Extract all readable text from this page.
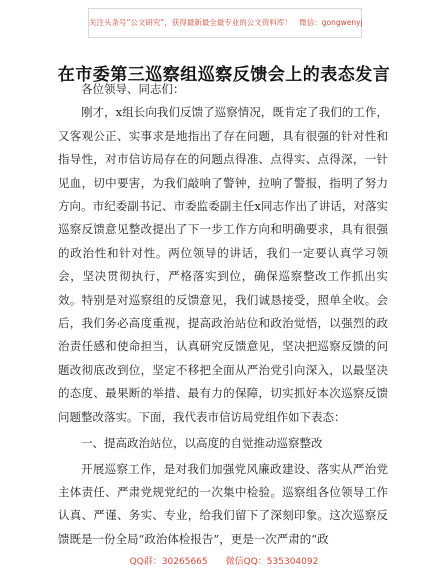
关注头条号“公文研究”，获得最新最全最专业的公文资料库！　微信：gongwenyj
在市委第三巡察组巡察反馈会上的表态发言

各位领导、同志们：

刚才，x组长向我们反馈了巡察情况，既肯定了我们的工作，又客观公正、实事求是地指出了存在问题，具有很强的针对性和指导性，对市信访局存在的问题点得准、点得实、点得深，一针见血，切中要害，为我们敲响了警钟，拉响了警报，指明了努力方向。市纪委副书记、市委监委副主任x同志作出了讲话，对落实巡察反馈意见整改提出了下一步工作方向和明确要求，具有很强的政治性和针对性。两位领导的讲话，我们一定要认真学习领会，坚决贯彻执行，严格落实到位，确保巡察整改工作抓出实效。特别是对巡察组的反馈意见，我们诚恳接受，照单全收。会后，我们务必高度重视，提高政治站位和政治觉悟，以强烈的政治责任感和使命担当，认真研究反馈意见，坚决把巡察反馈的问题改彻底改到位，坚定不移把全面从严治党引向深入，以最坚决的态度、最果断的举措、最有力的保障，切实抓好本次巡察反馈问题整改落实。下面，我代表市信访局党组作如下表态：

一、提高政治站位，以高度的自觉推动巡察整改

开展巡察工作，是对我们加强党风廉政建设、落实从严治党主体责任、严肃党规党纪的一次集中检验。巡察组各位领导工作认真、严谨、务实、专业，给我们留下了深刻印象。这次巡察反馈既是一份全局“政治体检报告”，更是一次严肃的“政

QQ群：30265665　　微信QQ：535304092
